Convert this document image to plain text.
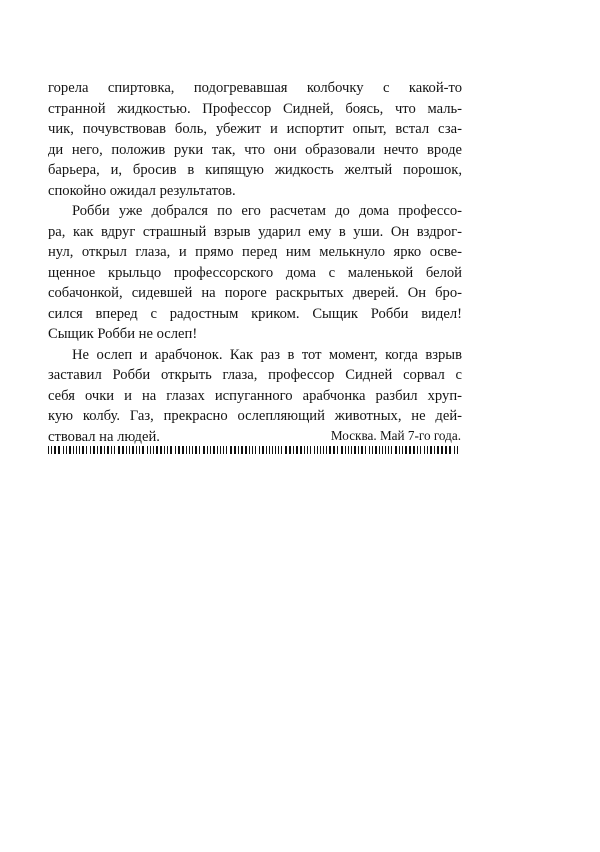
горела спиртовка, подогревавшая колбочку с какой-то
странной жидкостью. Профессор Сидней, боясь, что маль-
чик, почувствовав боль, убежит и испортит опыт, встал сза-
ди него, положив руки так, что они образовали нечто вроде
барьера, и, бросив в кипящую жидкость желтый порошок,
спокойно ожидал результатов.
Робби уже добрался по его расчетам до дома профессо-
ра, как вдруг страшный взрыв ударил ему в уши. Он вздрог-
нул, открыл глаза, и прямо перед ним мелькнуло ярко осве-
щенное крыльцо профессорского дома с маленькой белой
собачонкой, сидевшей на пороге раскрытых дверей. Он бро-
сился вперед с радостным криком. Сыщик Робби видел!
Сыщик Робби не ослеп!
Не ослеп и арабчонок. Как раз в тот момент, когда взрыв
заставил Робби открыть глаза, профессор Сидней сорвал с
себя очки и на глазах испуганного арабчонка разбил хруп-
кую колбу. Газ, прекрасно ослепляющий животных, не дей-
ствовал на людей.	Москва. Май 7-го года.
